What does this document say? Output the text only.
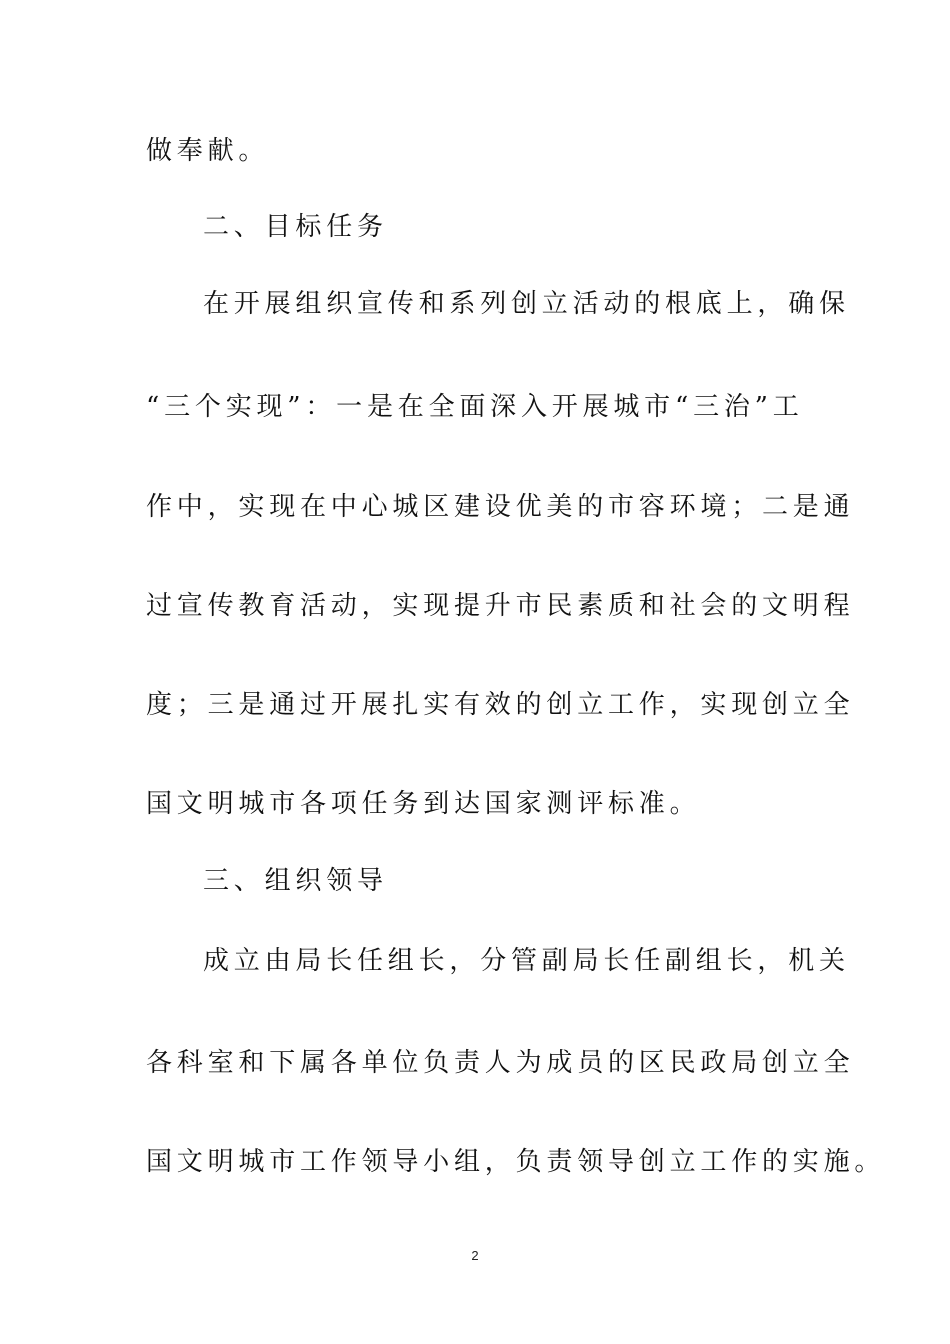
做奉献。
二、目标任务
在开展组织宣传和系列创立活动的根底上，确保
“三个实现”：一是在全面深入开展城市“三治”工
作中，实现在中心城区建设优美的市容环境；二是通
过宣传教育活动，实现提升市民素质和社会的文明程
度；三是通过开展扎实有效的创立工作，实现创立全
国文明城市各项任务到达国家测评标准。
三、组织领导
成立由局长任组长，分管副局长任副组长，机关
各科室和下属各单位负责人为成员的区民政局创立全
国文明城市工作领导小组，负责领导创立工作的实施。
2
